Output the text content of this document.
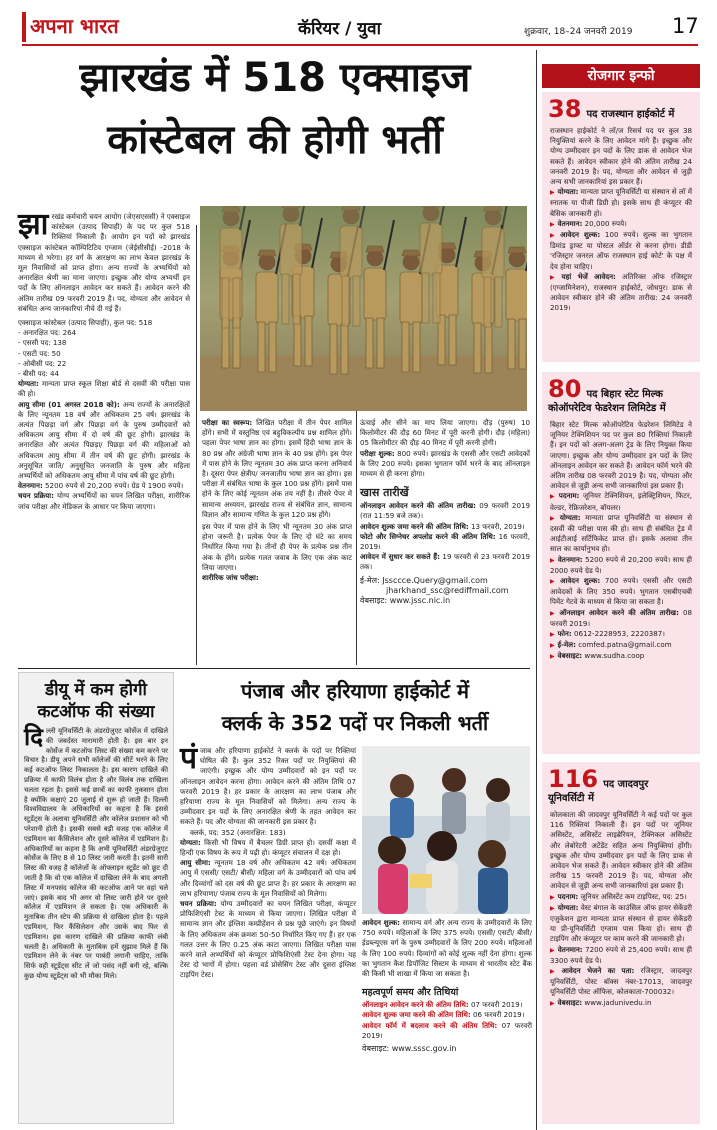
अपना भारत	कॅरियर / युवा	शुक्रवार, 18–24 जनवरी 2019 17
झारखंड में 518 एक्साइज
कांस्टेबल की होगी भर्ती
झा रखंड कर्मचारी चयन आयोग (जेएसएससी) ने एक्साइज कांस्टेबल (उत्पाद सिपाही) के पद पर कुल 518 रिक्तियां निकाली हैं। आयोग इन पदों को झारखंड एक्साइज कांस्टेबल कॉम्पिटिटिव एग्जाम (जेईसीसीई) -2018 के माध्यम से भरेगा। हर वर्ग के आरक्षण का लाभ केवल झारखंड के मूल निवासियों को प्राप्त होगा। अन्य राज्यों के अभ्यर्थियों को अनारक्षित श्रेणी का माना जाएगा। इच्छुक और योग्य अभ्यर्थी इन पदों के लिए ऑनलाइन आवेदन कर सकते हैं। आवेदन करने की अंतिम तारीख 09 फरवरी 2019 है। पद, योग्यता और आवेदन से संबंधित अन्य जानकारियां नीचे दी गई हैं।
एक्साइज कांस्टेबल (उत्पाद सिपाही), कुल पद: 518
- अनारक्षित पद: 264
- एससी पद: 138
- एसटी पद: 50
- ओबीसी पद: 22
- बीसी पद: 44
योग्यता: मान्यता प्राप्त स्कूल शिक्षा बोर्ड से दसवीं की परीक्षा पास की हो।
आयु सीमा (01 अगस्त 2018 को): अन्य राज्यों के अनारक्षितों के लिए न्यूनतम 18 वर्ष और अधिकतम 25 वर्ष। झारखंड के अत्यंत पिछड़ा वर्ग और पिछड़ा वर्ग के पुरुष उम्मीदवारों को अधिकतम आयु सीमा में दो वर्ष की छूट होगी। झारखंड के अनारक्षित और अत्यंत पिछड़ा/ पिछड़ा वर्ग की महिलाओं को अधिकतम आयु सीमा में तीन वर्ष की छूट होगी। झारखंड के अनुसूचित जाति/ अनुसूचित जनजाति के पुरुष और महिला अभ्यर्थियों को अधिकतम आयु सीमा में पांच वर्ष की छूट होगी।
वेतनमान: 5200 रुपये से 20,200 रुपये। ग्रेड पे 1900 रुपये।
चयन प्रक्रिया: योग्य अभ्यर्थियों का चयन लिखित परीक्षा, शारीरिक जांच परीक्षा और मेडिकल के आधार पर किया जाएगा।
परीक्षा का स्वरूप: लिखित परीक्षा में तीन पेपर शामिल होंगे। सभी में वस्तुनिष्ठ एवं बहुविकल्पीय प्रश्न शामिल होंगे। पहला पेपर भाषा ज्ञान का होगा। इसमें हिंदी भाषा ज्ञान के 80 प्रश्न और अंग्रेजी भाषा ज्ञान के 40 प्रश्न होंगे। इस पेपर में पास होने के लिए न्यूनतम 30 अंक प्राप्त करना अनिवार्य है। दूसरा पेपर क्षेत्रीय/ जनजातीय भाषा ज्ञान का होगा। इस परीक्षा में संबंधित भाषा के कुल 100 प्रश्न होंगे। इसमें पास होने के लिए कोई न्यूनतम अंक तय नहीं है। तीसरे पेपर में सामान्य अध्ययन, झारखंड राज्य से संबंधित ज्ञान, सामान्य विज्ञान और सामान्य गणित के कुल 120 प्रश्न होंगे।
इस पेपर में पास होने के लिए भी न्यूनतम 30 अंक प्राप्त होना जरूरी है। प्रत्येक पेपर के लिए दो घंटे का समय निर्धारित किया गया है। तीनों ही पेपर के प्रत्येक प्रश्न तीन अंक के होंगे। प्रत्येक गलत जवाब के लिए एक अंक काट लिया जाएगा।
शारीरिक जांच परीक्षा:
ऊंचाई और सीने का माप लिया जाएगा। दौड़ (पुरुष) 10 किलोमीटर की दौड़ 60 मिनट में पूरी करनी होगी। दौड़ (महिला) 05 किलोमीटर की दौड़ 40 मिनट में पूरी करनी होगी।
परीक्षा शुल्क: 800 रुपये। झारखंड के एससी और एसटी आवेदकों के लिए 200 रुपये। इसका भुगतान फॉर्म भरने के बाद ऑनलाइन माध्यम से ही करना होगा।
खास तारीखें
ऑनलाइन आवेदन करने की अंतिम तारीख: 09 फरवरी 2019 (रात 11:59 बजे तक)।
आवेदन शुल्क जमा करने की अंतिम तिथि: 13 फरवरी, 2019।
फोटो और सिग्नेचर अपलोड करने की अंतिम तिथि: 16 फरवरी, 2019।
आवेदन में सुधार कर सकते हैं: 19 फरवरी से 23 फरवरी 2019 तक।
ई-मेल: Jssccce.Query@gmail.com
jharkhand_ssc@rediffmail.com
वेबसाइट: www.jssc.nic.in
डीयू में कम होगी
कटऑफ की संख्या
दि ल्ली यूनिवर्सिटी के अंडरग्रेजुएट कोर्सेज में दाखिले की जबर्दस्त मारामारी होती है। इस बार इन कोर्सेज में कटऑफ लिस्ट की संख्या कम करने पर विचार है। डीयू अपने सभी कॉलेजों की सीटें भरने के लिए कई कटऑफ लिस्ट निकालता है। इस कारण दाखिले की प्रक्रिया में काफी विलंब होता है और विलंब तक दाखिला चलता रहता है। इससे कई छात्रों का काफी नुकसान होता है क्योंकि कक्षाएं 20 जुलाई से शुरू हो जाती हैं। दिल्ली विश्वविद्यालय के अधिकारियों का कहना है कि इससे स्टूडेंट्स के अलावा यूनिवर्सिटी और कॉलेज प्रशासन को भी परेशानी होती है। इसकी सबसे बड़ी वजह एक कॉलेज में एडमिशन का कैंसिलेशन और दूसरे कॉलेज में एडमिशन है। अधिकारियों का कहना है कि अभी यूनिवर्सिटी अंडरग्रेजुएट कोर्सेज के लिए 8 से 10 लिस्ट जारी करती है। इतनी सारी लिस्ट की वजह है कॉलेजों के ऑफ्लाइन स्टूडेंट को छूट दी जाती है कि वो एक कॉलेज में दाखिला लेने के बाद अगली लिस्ट में मनपसंद कॉलेज की कटऑफ आने पर वहां चले जाएं। इसके बाद भी अगर वो लिस्ट जारी होने पर दूसरे कॉलेज में एडमिशन ले सकता है। एक अधिकारी के मुताबिक तीन स्टेप की प्रक्रिया से दाखिला होता है। पहले एडमिशन, फिर कैंसिलेशन और उसके बाद फिर से एडमिशन। इस कारण दाखिले की प्रक्रिया काफी लंबी चलती है। अधिकारी के मुताबिक हमें सुझाव मिले हैं कि एडमिशन लेने के नंबर पर पाबंदी लगानी चाहिए, ताकि सिर्फ वही स्टूडेंट्स सीट लें जो पसंद नहीं बनी रहे, बल्कि कुछ योग्य स्टूडेंट्स को भी मौका मिले।
पंजाब और हरियाणा हाईकोर्ट में
क्लर्क के 352 पदों पर निकली भर्ती
पं जाब और हरियाणा हाईकोर्ट ने क्लर्क के पदों पर रिक्तियां घोषित की हैं। कुल 352 रिक्त पदों पर नियुक्तियां की जाएंगी। इच्छुक और योग्य उम्मीदवारों को इन पदों पर ऑनलाइन आवेदन करना होगा। आवेदन करने की अंतिम तिथि 07 फरवरी 2019 है। हर प्रकार के आरक्षण का लाभ पंजाब और हरियाणा राज्य के मूल निवासियों को मिलेगा। अन्य राज्य के उम्मीदवार इन पदों के लिए अनारक्षित श्रेणी के तहत आवेदन कर सकते हैं। पद और योग्यता की जानकारी इस प्रकार है।
क्लर्क, पद: 352 (अनारक्षित: 183)
योग्यता: किसी भी विषय में बैचलर डिग्री प्राप्त हो। दसवीं कक्षा में हिन्दी एक विषय के रूप में पढ़ी हो। कंप्यूटर संचालन में दक्ष हो।
आयु सीमा: न्यूनतम 18 वर्ष और अधिकतम 42 वर्ष। अधिकतम आयु में एससी/ एसटी/ बीसी/ महिला वर्ग के उम्मीदवारों को पांच वर्ष और दिव्यांगों को दस वर्ष की छूट प्राप्त है। हर प्रकार के आरक्षण का लाभ हरियाणा/ पंजाब राज्य के मूल निवासियों को मिलेगा।
चयन प्रक्रिया: योग्य उम्मीदवारों का चयन लिखित परीक्षा, कंप्यूटर प्रोफिशिएंसी टेस्ट के माध्यम से किया जाएगा। लिखित परीक्षा में सामान्य ज्ञान और इंग्लिश कम्प्रीहेंशन से प्रश्न पूछे जाएंगे। इन विषयों के लिए अधिकतम अंक क्रमशः 50-50 निर्धारित किए गए हैं। हर एक गलत उत्तर के लिए 0.25 अंक काटा जाएगा। लिखित परीक्षा पास करने वाले अभ्यर्थियों को कंप्यूटर प्रोफिशिएंसी टेस्ट देना होगा। यह टेस्ट दो भागों में होगा। पहला वर्ड प्रोसेसिंग टेस्ट और दूसरा इंग्लिश टाइपिंग टेस्ट।
आवेदन शुल्क: सामान्य वर्ग और अन्य राज्य के उम्मीदवारों के लिए 750 रुपये। महिलाओं के लिए 375 रुपये। एससी/ एसटी/ बीसी/ ईडब्ल्यूएस वर्ग के पुरुष उम्मीदवारों के लिए 200 रुपये। महिलाओं के लिए 100 रुपये। दिव्यांगों को कोई शुल्क नहीं देना होगा। शुल्क का भुगतान कैश डिपॉजिट सिस्टम के माध्यम से भारतीय स्टेट बैंक की किसी भी शाखा में किया जा सकता है।
महत्वपूर्ण समय और तिथियां
ऑनलाइन आवेदन करने की अंतिम तिथि: 07 फरवरी 2019।
आवेदन शुल्क जमा करने की अंतिम तिथि: 06 फरवरी 2019।
आवेदन फॉर्म में बदलाव करने की अंतिम तिथि: 07 फरवरी 2019।
वेबसाइट: www.sssc.gov.in
रोजगार इन्फो
38 पद राजस्थान हाईकोर्ट में
राजस्थान हाईकोर्ट ने लॉ/ज रिसर्च पद पर कुल 38 नियुक्तियां करने के लिए आवेदन मांगे हैं। इच्छुक और योग्य उम्मीदवार इन पदों के लिए डाक से आवेदन भेज सकते हैं। आवेदन स्वीकार होने की अंतिम तारीख 24 जनवरी 2019 है। पद, योग्यता और आवेदन से जुड़ी अन्य सभी जानकारियां इस प्रकार हैं।
▶ योग्यता: मान्यता प्राप्त यूनिवर्सिटी या संस्थान से लॉ में स्नातक या पीजी डिग्री हो। इसके साथ ही कंप्यूटर की बेसिक जानकारी हो।
▶ वेतनमान: 20,000 रुपये।
▶ आवेदन शुल्क: 100 रुपये। शुल्क का भुगतान डिमांड ड्राफ्ट या पोस्टल ऑर्डर से करना होगा। डीडी 'रजिस्ट्रार जनरल ऑफ राजस्थान हाई कोर्ट' के पक्ष में देय होना चाहिए।
▶ यहां भेजें आवेदन: अतिरिक्त ऑफ रजिस्ट्रार (एग्जामिनेशन), राजस्थान हाईकोर्ट, जोधपुर। डाक से आवेदन स्वीकार होने की अंतिम तारीख: 24 जनवरी 2019।
80 पद बिहार स्टेट मिल्क
कोऑपरेटिव फेडरेशन लिमिटेड में
बिहार स्टेट मिल्क कोऑपरेटिव फेडरेशन लिमिटेड ने जूनियर टेक्निशियन पद पर कुल 80 रिक्तियां निकाली हैं। इन पदों को अलग-अलग ट्रेड के लिए नियुक्त किया जाएगा। इच्छुक और योग्य उम्मीदवार इन पदों के लिए ऑनलाइन आवेदन कर सकते हैं। आवेदन फॉर्म भरने की अंतिम तारीख 08 फरवरी 2019 है। पद, योग्यता और आवेदन से जुड़ी अन्य सभी जानकारियां इस प्रकार हैं।
▶ पदनाम: जूनियर टेक्निशियन, इलेक्ट्रिशियन, फिटर, वेल्डर, रेफ्रिजरेशन, बॉयलर।
▶ योग्यता: मान्यता प्राप्त यूनिवर्सिटी या संस्थान से दसवीं की परीक्षा पास की हो। साथ ही संबंधित ट्रेड में आईटीआई सर्टिफिकेट प्राप्त हो। इसके अलावा तीन साल का कार्यानुभव हो।
▶ वेतनमान: 5200 रुपये से 20,200 रुपये। साथ ही 2000 रुपये ग्रेड पे।
▶ आवेदन शुल्क: 700 रुपये। एससी और एसटी आवेदकों के लिए 350 रुपये। भुगतान एसबीएचबी पिमेंट गेटवे के माध्यम से किया जा सकता है।
▶ ऑनलाइन आवेदन करने की अंतिम तारीख: 08 फरवरी 2019।
▶ फोन: 0612-2228953, 2220387।
▶ ई-मेल: comfed.patna@gmail.com
▶ वेबसाइट: www.sudha.coop
116 पद जादवपुर
यूनिवर्सिटी में
कोलकाता की जादवपुर यूनिवर्सिटी ने कई पदों पर कुल 116 रिक्तियां निकाली हैं। इन पदों पर जूनियर असिस्टेंट, असिस्टेंट लाइब्रेरियन, टेक्निकल असिस्टेंट और लेबोरेटरी अटेंडेंट सहित अन्य नियुक्तियां होंगी। इच्छुक और योग्य उम्मीदवार इन पदों के लिए डाक से आवेदन भेज सकते हैं। आवेदन स्वीकार होने की अंतिम तारीख 15 फरवरी 2019 है। पद, योग्यता और आवेदन से जुड़ी अन्य सभी जानकारियां इस प्रकार हैं।
▶ पदनाम: जूनियर असिस्टेंट कम टाइपिस्ट, पद: 25।
▶ योग्यता: वेस्ट बंगाल के काउंसिल ऑफ हायर सेकेंडरी एजुकेशन द्वारा मान्यता प्राप्त संस्थान से हायर सेकेंडरी या प्री-यूनिवर्सिटी एग्जाम पास किया हो। साथ ही टाइपिंग और कंप्यूटर पर काम करने की जानकारी हो।
▶ वेतनमान: 7200 रुपये से 25,400 रुपये। साथ ही 3300 रुपये ग्रेड पे।
▶ आवेदन भेजने का पता: रजिस्ट्रार, जादवपुर यूनिवर्सिटी, पोस्ट बॉक्स नंबर-17013, जादवपुर यूनिवर्सिटी पोस्ट ऑफिस, कोलकाता-700032।
▶ वेबसाइट: www.jadunivedu.in
